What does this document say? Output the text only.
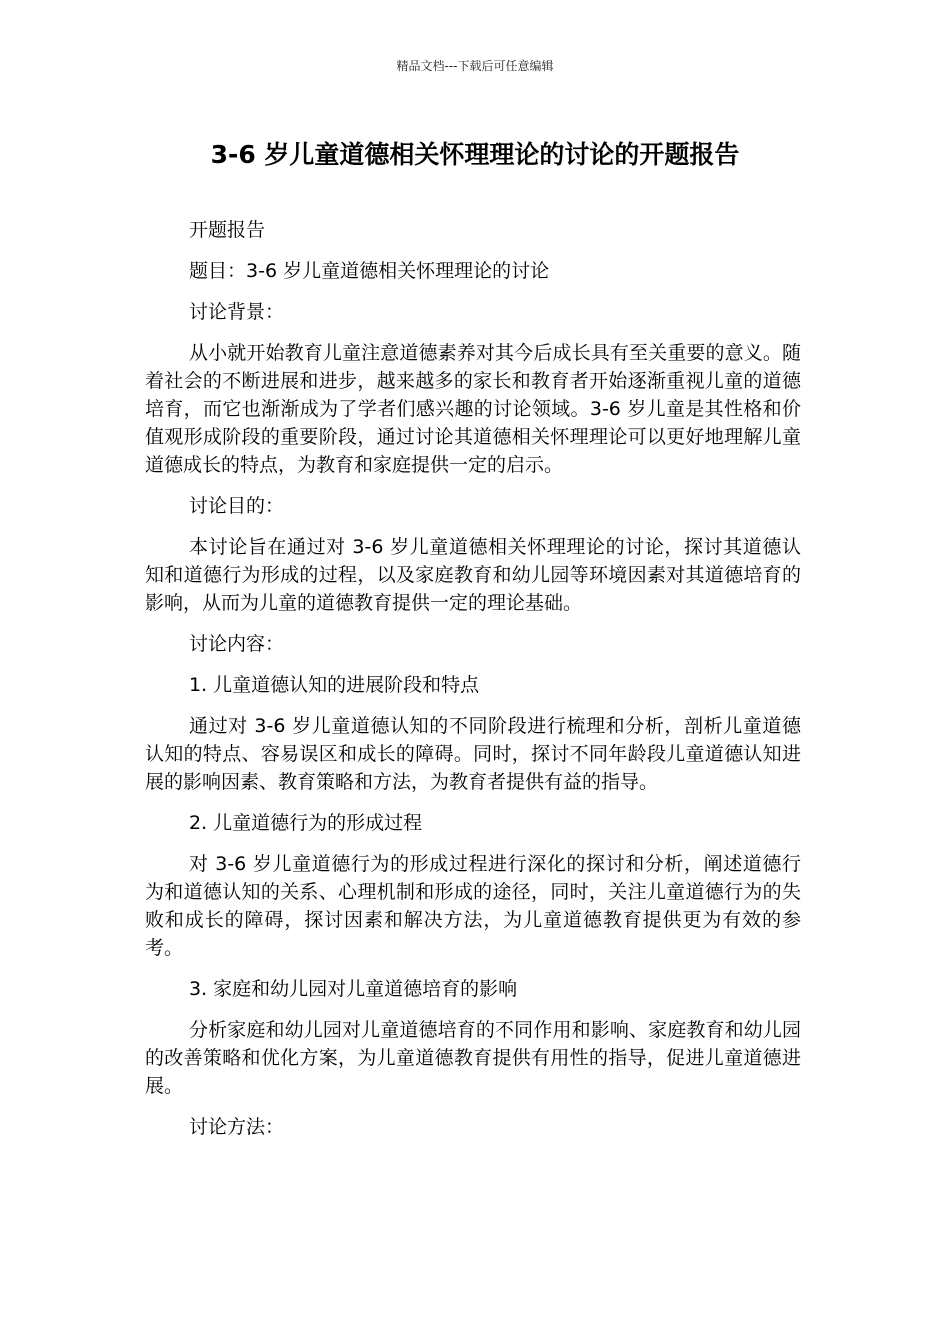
精品文档---下载后可任意编辑
3-6 岁儿童道德相关怀理理论的讨论的开题报告

开题报告

题目：3-6 岁儿童道德相关怀理理论的讨论

讨论背景：

从小就开始教育儿童注意道德素养对其今后成长具有至关重要的意义。随着社会的不断进展和进步，越来越多的家长和教育者开始逐渐重视儿童的道德培育，而它也渐渐成为了学者们感兴趣的讨论领域。3-6 岁儿童是其性格和价值观形成阶段的重要阶段，通过讨论其道德相关怀理理论可以更好地理解儿童道德成长的特点，为教育和家庭提供一定的启示。

讨论目的：

本讨论旨在通过对 3-6 岁儿童道德相关怀理理论的讨论，探讨其道德认知和道德行为形成的过程，以及家庭教育和幼儿园等环境因素对其道德培育的影响，从而为儿童的道德教育提供一定的理论基础。

讨论内容：

1. 儿童道德认知的进展阶段和特点

通过对 3-6 岁儿童道德认知的不同阶段进行梳理和分析，剖析儿童道德认知的特点、容易误区和成长的障碍。同时，探讨不同年龄段儿童道德认知进展的影响因素、教育策略和方法，为教育者提供有益的指导。

2. 儿童道德行为的形成过程

对 3-6 岁儿童道德行为的形成过程进行深化的探讨和分析，阐述道德行为和道德认知的关系、心理机制和形成的途径，同时，关注儿童道德行为的失败和成长的障碍，探讨因素和解决方法，为儿童道德教育提供更为有效的参考。

3. 家庭和幼儿园对儿童道德培育的影响

分析家庭和幼儿园对儿童道德培育的不同作用和影响、家庭教育和幼儿园的改善策略和优化方案，为儿童道德教育提供有用性的指导，促进儿童道德进展。

讨论方法：
